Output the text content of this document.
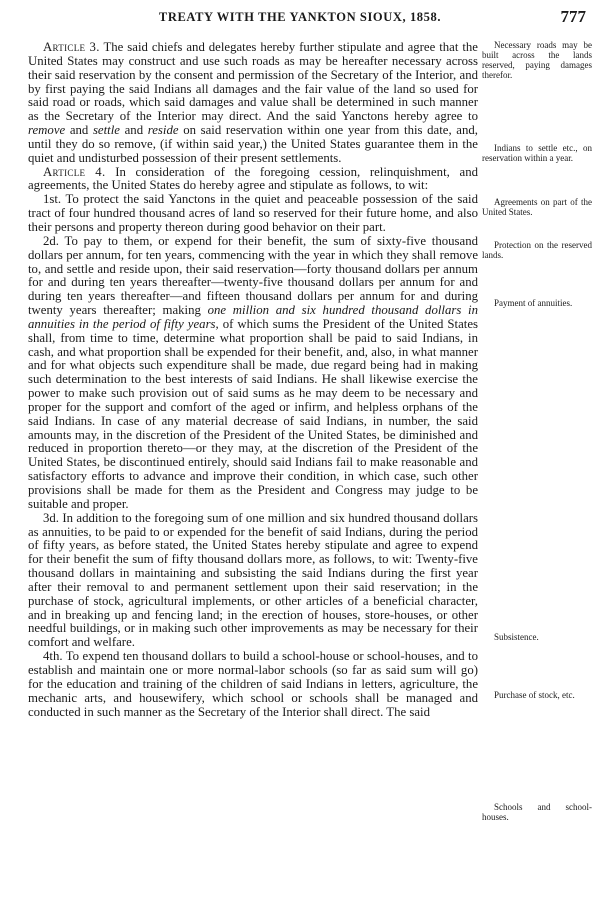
TREATY WITH THE YANKTON SIOUX, 1858.	777

Article 3. The said chiefs and delegates hereby further stipulate and agree that the United States may construct and use such roads as may be hereafter necessary across their said reservation by the consent and permission of the Secretary of the Interior, and by first paying the said Indians all damages and the fair value of the land so used for said road or roads, which said damages and value shall be determined in such manner as the Secretary of the Interior may direct. And the said Yanctons hereby agree to remove and settle and reside on said reservation within one year from this date, and, until they do so remove, (if within said year,) the United States guarantee them in the quiet and undisturbed possession of their present settlements.

Article 4. In consideration of the foregoing cession, relinquishment, and agreements, the United States do hereby agree and stipulate as follows, to wit:

1st. To protect the said Yanctons in the quiet and peaceable possession of the said tract of four hundred thousand acres of land so reserved for their future home, and also their persons and property thereon during good behavior on their part.

2d. To pay to them, or expend for their benefit, the sum of sixty-five thousand dollars per annum, for ten years, commencing with the year in which they shall remove to, and settle and reside upon, their said reservation—forty thousand dollars per annum for and during ten years thereafter—twenty-five thousand dollars per annum for and during ten years thereafter—and fifteen thousand dollars per annum for and during twenty years thereafter; making one million and six hundred thousand dollars in annuities in the period of fifty years, of which sums the President of the United States shall, from time to time, determine what proportion shall be paid to said Indians, in cash, and what proportion shall be expended for their benefit, and, also, in what manner and for what objects such expenditure shall be made, due regard being had in making such determination to the best interests of said Indians. He shall likewise exercise the power to make such provision out of said sums as he may deem to be necessary and proper for the support and comfort of the aged or infirm, and helpless orphans of the said Indians. In case of any material decrease of said Indians, in number, the said amounts may, in the discretion of the President of the United States, be diminished and reduced in proportion thereto—or they may, at the discretion of the President of the United States, be discontinued entirely, should said Indians fail to make reasonable and satisfactory efforts to advance and improve their condition, in which case, such other provisions shall be made for them as the President and Congress may judge to be suitable and proper.

3d. In addition to the foregoing sum of one million and six hundred thousand dollars as annuities, to be paid to or expended for the benefit of said Indians, during the period of fifty years, as before stated, the United States hereby stipulate and agree to expend for their benefit the sum of fifty thousand dollars more, as follows, to wit: Twenty-five thousand dollars in maintaining and subsisting the said Indians during the first year after their removal to and permanent settlement upon their said reservation; in the purchase of stock, agricultural implements, or other articles of a beneficial character, and in breaking up and fencing land; in the erection of houses, store-houses, or other needful buildings, or in making such other improvements as may be necessary for their comfort and welfare.

4th. To expend ten thousand dollars to build a school-house or school-houses, and to establish and maintain one or more normal-labor schools (so far as said sum will go) for the education and training of the children of said Indians in letters, agriculture, the mechanic arts, and housewifery, which school or schools shall be managed and conducted in such manner as the Secretary of the Interior shall direct. The said

Necessary roads may be built across the lands reserved, paying damages therefor.
Indians to settle etc., on reservation within a year.
Agreements on part of the United States.
Protection on the reserved lands.
Payment of annuities.
Subsistence.
Purchase of stock, etc.
Schools and school-houses.
